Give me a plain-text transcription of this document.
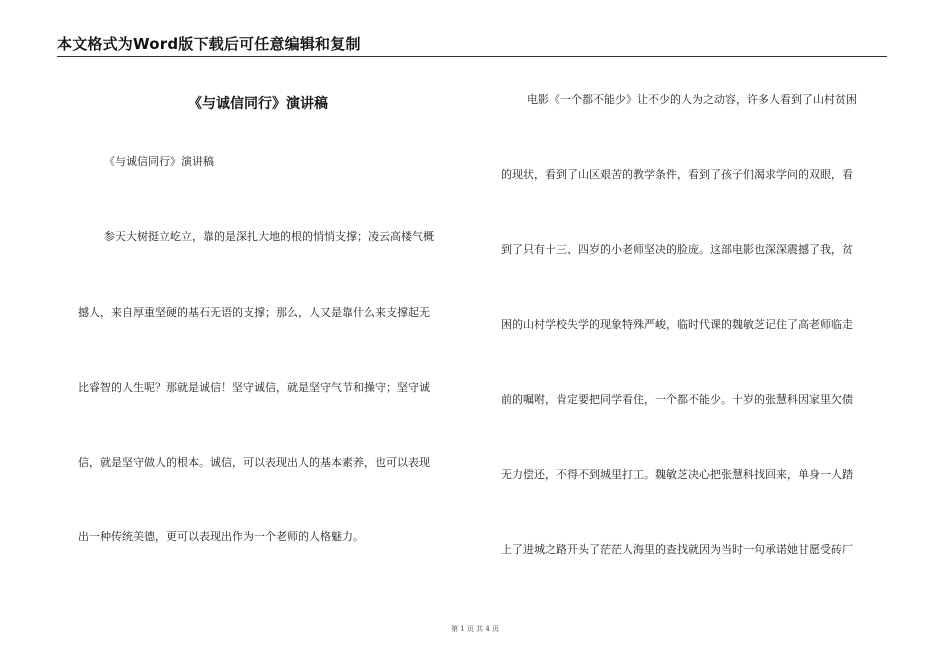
本文格式为Word版下载后可任意编辑和复制
《与诚信同行》演讲稿
《与诚信同行》演讲稿
参天大树挺立屹立，靠的是深扎大地的根的悄悄支撑；凌云高楼气概
撼人，来自厚重坚硬的基石无语的支撑；那么，人又是靠什么来支撑起无
比睿智的人生呢？那就是诚信！坚守诚信，就是坚守气节和操守；坚守诚
信，就是坚守做人的根本。诚信，可以表现出人的基本素养，也可以表现
出一种传统美德，更可以表现出作为一个老师的人格魅力。
电影《一个都不能少》让不少的人为之动容，许多人看到了山村贫困
的现状，看到了山区艰苦的教学条件，看到了孩子们渴求学问的双眼，看
到了只有十三、四岁的小老师坚决的脸庞。这部电影也深深震撼了我，贫
困的山村学校失学的现象特殊严峻，临时代课的魏敏芝记住了高老师临走
前的嘱咐，肯定要把同学看住，一个都不能少。十岁的张慧科因家里欠债
无力偿还，不得不到城里打工。魏敏芝决心把张慧科找回来，单身一人踏
上了进城之路开头了茫茫人海里的查找就因为当时一句承诺她甘愿受砖厂
第 1 页 共 4 页
